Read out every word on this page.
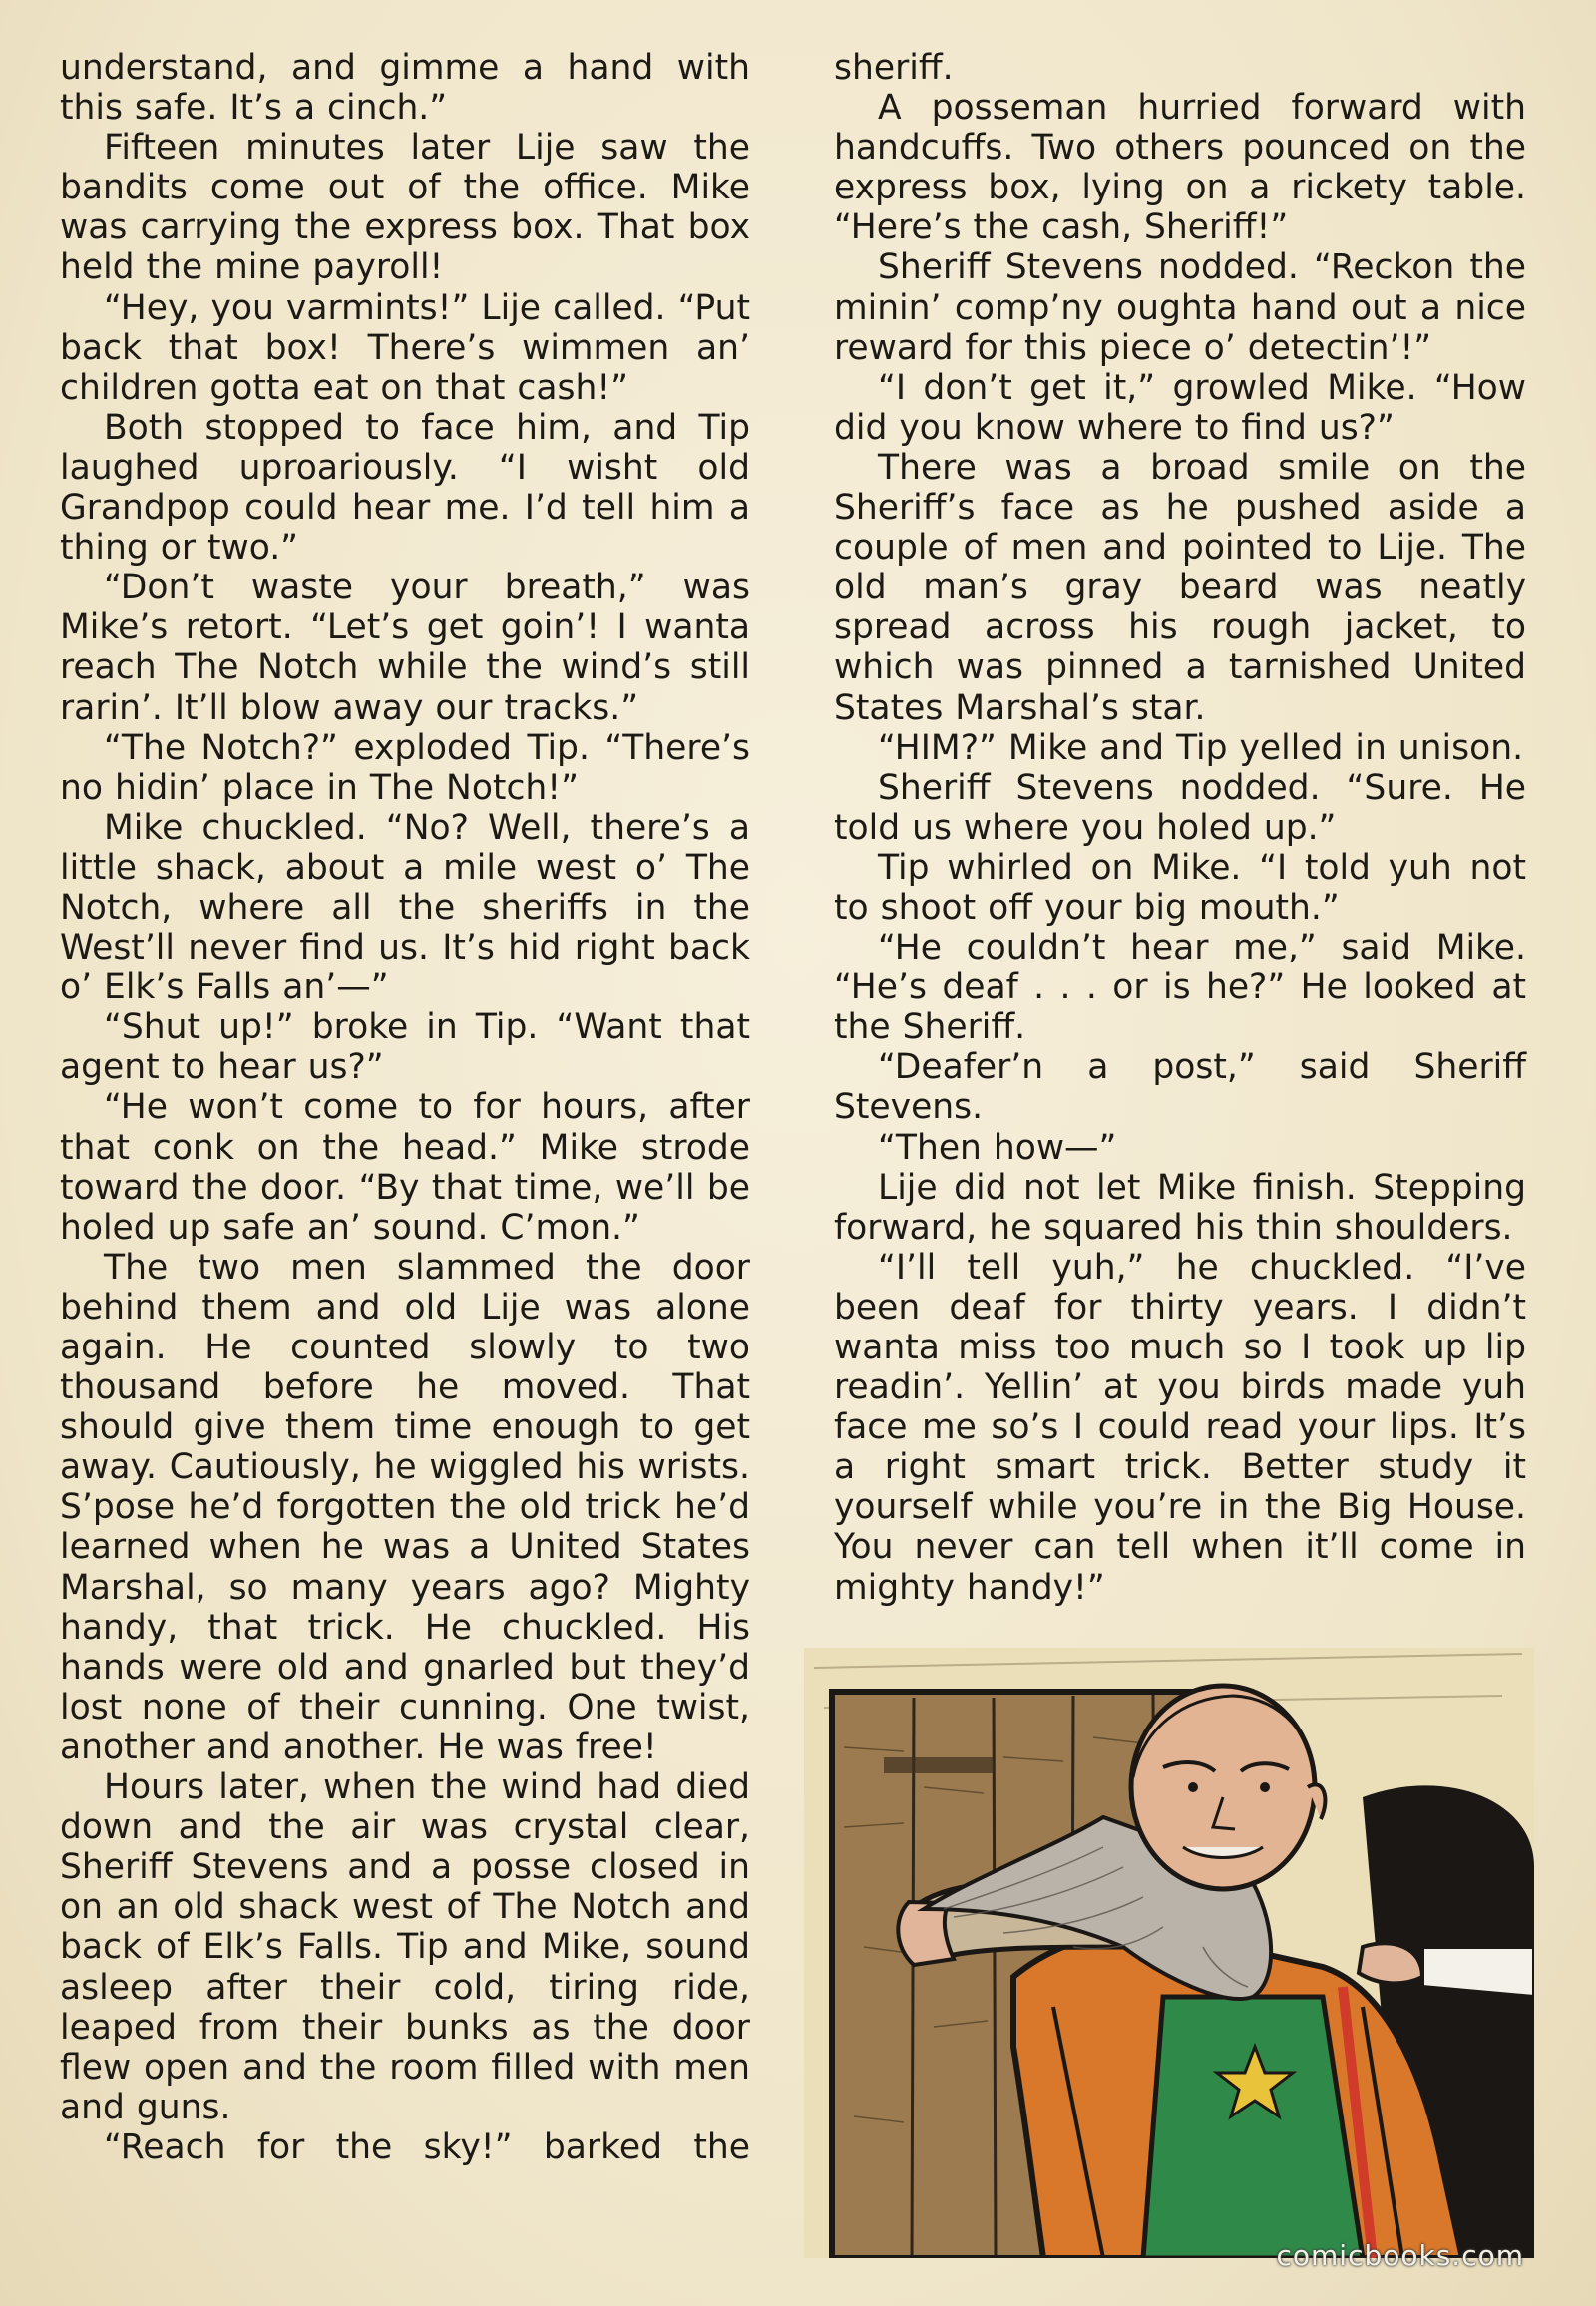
understand, and gimme a hand with this safe. It’s a cinch.”

Fifteen minutes later Lije saw the bandits come out of the office. Mike was carrying the express box. That box held the mine payroll!

“Hey, you varmints!” Lije called. “Put back that box! There’s wimmen an’ children gotta eat on that cash!”

Both stopped to face him, and Tip laughed uproariously. “I wisht old Grandpop could hear me. I’d tell him a thing or two.”

“Don’t waste your breath,” was Mike’s retort. “Let’s get goin’! I wanta reach The Notch while the wind’s still rarin’. It’ll blow away our tracks.”

“The Notch?” exploded Tip. “There’s no hidin’ place in The Notch!”

Mike chuckled. “No? Well, there’s a little shack, about a mile west o’ The Notch, where all the sheriffs in the West’ll never find us. It’s hid right back o’ Elk’s Falls an’—”

“Shut up!” broke in Tip. “Want that agent to hear us?”

“He won’t come to for hours, after that conk on the head.” Mike strode toward the door. “By that time, we’ll be holed up safe an’ sound. C’mon.”

The two men slammed the door behind them and old Lije was alone again. He counted slowly to two thousand before he moved. That should give them time enough to get away. Cautiously, he wiggled his wrists. S’pose he’d forgotten the old trick he’d learned when he was a United States Marshal, so many years ago? Mighty handy, that trick. He chuckled. His hands were old and gnarled but they’d lost none of their cunning. One twist, another and another. He was free!

Hours later, when the wind had died down and the air was crystal clear, Sheriff Stevens and a posse closed in on an old shack west of The Notch and back of Elk’s Falls. Tip and Mike, sound asleep after their cold, tiring ride, leaped from their bunks as the door flew open and the room filled with men and guns.

“Reach for the sky!” barked the

sheriff.

A posseman hurried forward with handcuffs. Two others pounced on the express box, lying on a rickety table. “Here’s the cash, Sheriff!”

Sheriff Stevens nodded. “Reckon the minin’ comp’ny oughta hand out a nice reward for this piece o’ detectin’!”

“I don’t get it,” growled Mike. “How did you know where to find us?”

There was a broad smile on the Sheriff’s face as he pushed aside a couple of men and pointed to Lije. The old man’s gray beard was neatly spread across his rough jacket, to which was pinned a tarnished United States Marshal’s star.

“HIM?” Mike and Tip yelled in unison.

Sheriff Stevens nodded. “Sure. He told us where you holed up.”

Tip whirled on Mike. “I told yuh not to shoot off your big mouth.”

“He couldn’t hear me,” said Mike. “He’s deaf . . . or is he?” He looked at the Sheriff.

“Deafer’n a post,” said Sheriff Stevens.

“Then how—”

Lije did not let Mike finish. Stepping forward, he squared his thin shoulders.

“I’ll tell yuh,” he chuckled. “I’ve been deaf for thirty years. I didn’t wanta miss too much so I took up lip readin’. Yellin’ at you birds made yuh face me so’s I could read your lips. It’s a right smart trick. Better study it yourself while you’re in the Big House. You never can tell when it’ll come in mighty handy!”

comicbooks.com
